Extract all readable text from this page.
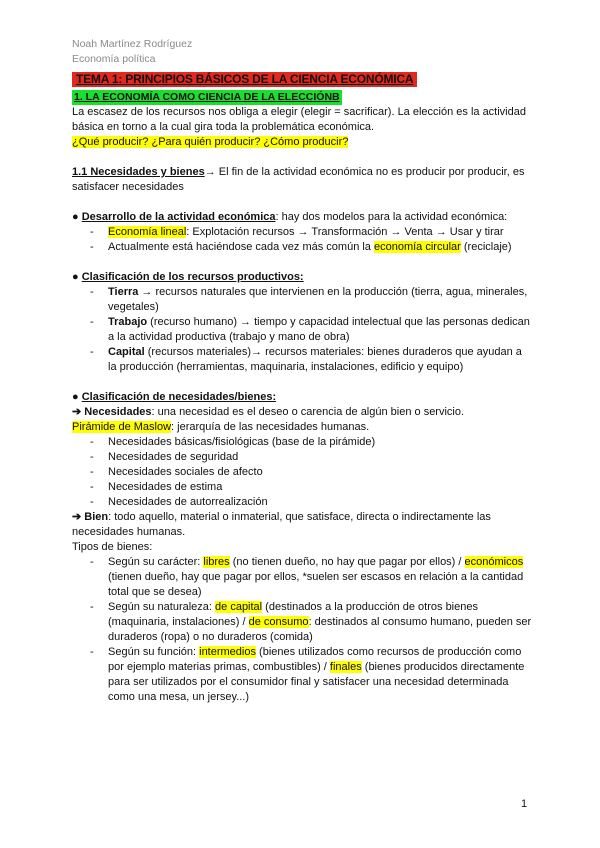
Noah Martínez Rodríguez
Economía política
TEMA 1: PRINCIPIOS BÁSICOS DE LA CIENCIA ECONÓMICA
1. LA ECONOMÍA COMO CIENCIA DE LA ELECCIÓNB

La escasez de los recursos nos obliga a elegir (elegir = sacrificar). La elección es la actividad básica en torno a la cual gira toda la problemática económica.

¿Qué producir? ¿Para quién producir? ¿Cómo producir?

1.1 Necesidades y bienes→ El fin de la actividad económica no es producir por producir, es satisfacer necesidades

● Desarrollo de la actividad económica: hay dos modelos para la actividad económica:

- Economía lineal: Explotación recursos → Transformación → Venta → Usar y tirar
- Actualmente está haciéndose cada vez más común la economía circular (reciclaje)

● Clasificación de los recursos productivos:

- Tierra → recursos naturales que intervienen en la producción (tierra, agua, minerales, vegetales)
- Trabajo (recurso humano) → tiempo y capacidad intelectual que las personas dedican a la actividad productiva (trabajo y mano de obra)
- Capital (recursos materiales)→ recursos materiales: bienes duraderos que ayudan a la producción (herramientas, maquinaria, instalaciones, edificio y equipo)

● Clasificación de necesidades/bienes:

➔ Necesidades: una necesidad es el deseo o carencia de algún bien o servicio.

Pirámide de Maslow: jerarquía de las necesidades humanas.

- Necesidades básicas/fisiológicas (base de la pirámide)
- Necesidades de seguridad
- Necesidades sociales de afecto
- Necesidades de estima
- Necesidades de autorrealización

➔ Bien: todo aquello, material o inmaterial, que satisface, directa o indirectamente las necesidades humanas.

Tipos de bienes:

- Según su carácter: libres (no tienen dueño, no hay que pagar por ellos) / económicos (tienen dueño, hay que pagar por ellos, *suelen ser escasos en relación a la cantidad total que se desea)
- Según su naturaleza: de capital (destinados a la producción de otros bienes (maquinaria, instalaciones) / de consumo: destinados al consumo humano, pueden ser duraderos (ropa) o no duraderos (comida)
- Según su función: intermedios (bienes utilizados como recursos de producción como por ejemplo materias primas, combustibles) / finales (bienes producidos directamente para ser utilizados por el consumidor final y satisfacer una necesidad determinada como una mesa, un jersey...)
1
